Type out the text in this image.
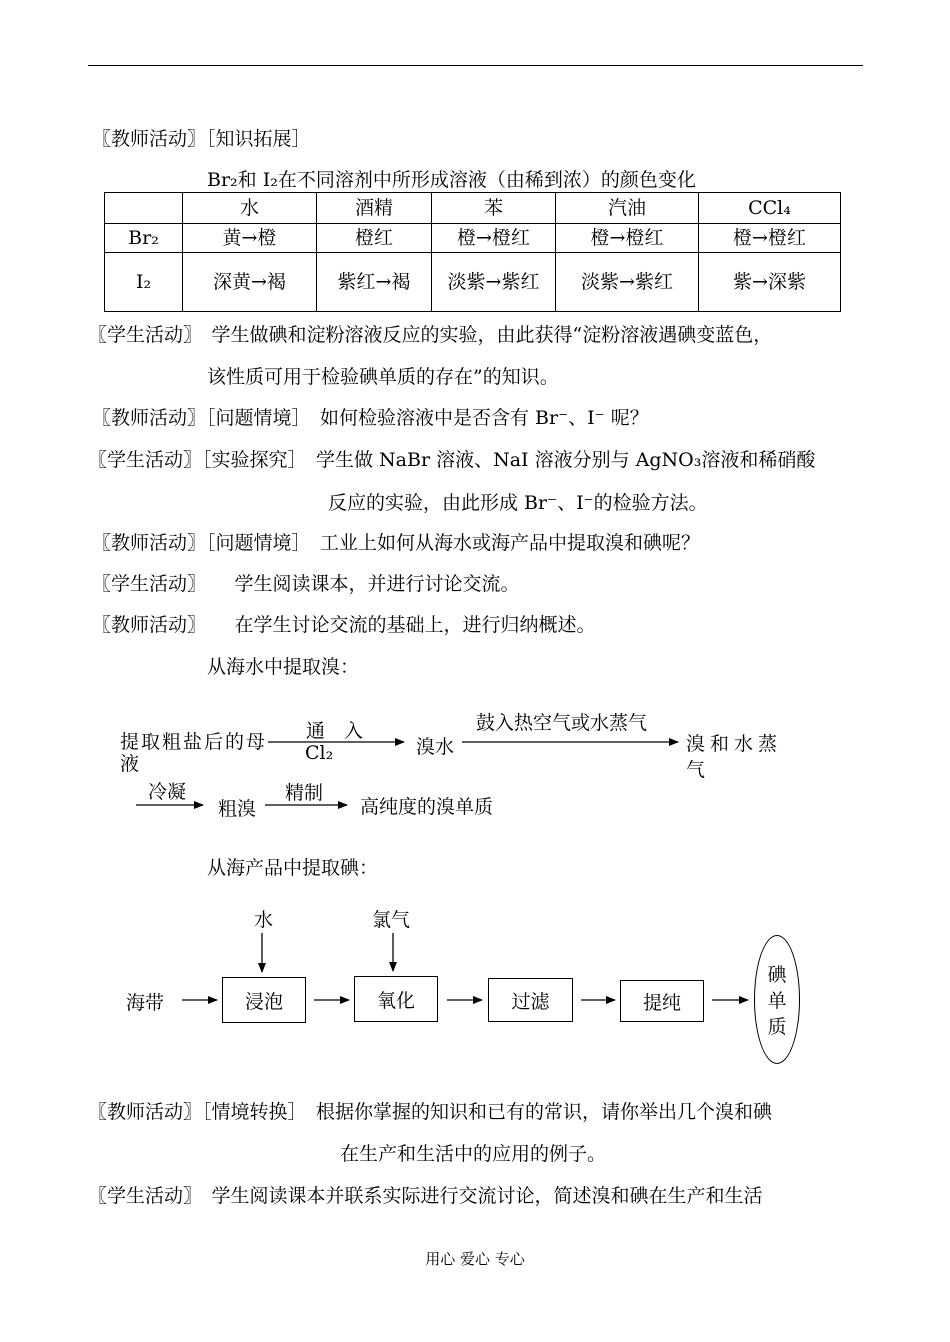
〖教师活动〗［知识拓展］
Br₂和 I₂在不同溶剂中所形成溶液（由稀到浓）的颜色变化
	水	酒精	苯	汽油	CCl₄
Br₂	黄→橙	橙红	橙→橙红	橙→橙红	橙→橙红
I₂	深黄→褐	紫红→褐	淡紫→紫红	淡紫→紫红	紫→深紫
〖学生活动〗　学生做碘和淀粉溶液反应的实验，由此获得“淀粉溶液遇碘变蓝色，
该性质可用于检验碘单质的存在”的知识。
〖教师活动〗［问题情境］　如何检验溶液中是否含有 Br⁻、I⁻ 呢？
〖学生活动〗［实验探究］　学生做 NaBr 溶液、NaI 溶液分别与 AgNO₃溶液和稀硝酸
反应的实验，由此形成 Br⁻、I⁻的检验方法。
〖教师活动〗［问题情境］　工业上如何从海水或海产品中提取溴和碘呢？
〖学生活动〗　　学生阅读课本，并进行讨论交流。
〖教师活动〗　　在学生讨论交流的基础上，进行归纳概述。
从海水中提取溴：
提取粗盐后的母液
通　入
Cl₂	溴水
鼓入热空气或水蒸气
溴和水蒸气
冷凝
粗溴
精制
高纯度的溴单质
从海产品中提取碘：
水	氯气
海带	浸泡	氧化	过滤	提纯
碘单质
〖教师活动〗［情境转换］　根据你掌握的知识和已有的常识，请你举出几个溴和碘
在生产和生活中的应用的例子。
〖学生活动〗　学生阅读课本并联系实际进行交流讨论，简述溴和碘在生产和生活
用心 爱心 专心
